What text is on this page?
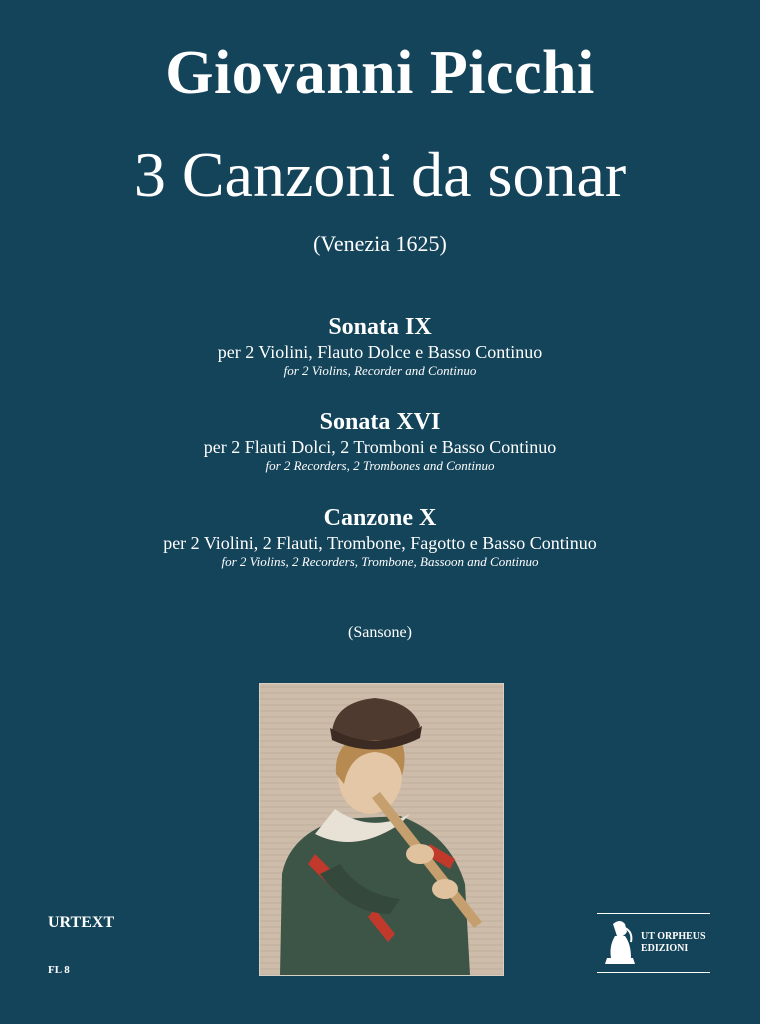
Giovanni Picchi
3 Canzoni da sonar
(Venezia 1625)
Sonata IX
per 2 Violini, Flauto Dolce e Basso Continuo
for 2 Violins, Recorder and Continuo
Sonata XVI
per 2 Flauti Dolci, 2 Tromboni e Basso Continuo
for 2 Recorders, 2 Trombones and Continuo
Canzone X
per 2 Violini, 2 Flauti, Trombone, Fagotto e Basso Continuo
for 2 Violins, 2 Recorders, Trombone, Bassoon and Continuo
(Sansone)
URTEXT
FL 8
UT ORPHEUS
EDIZIONI
